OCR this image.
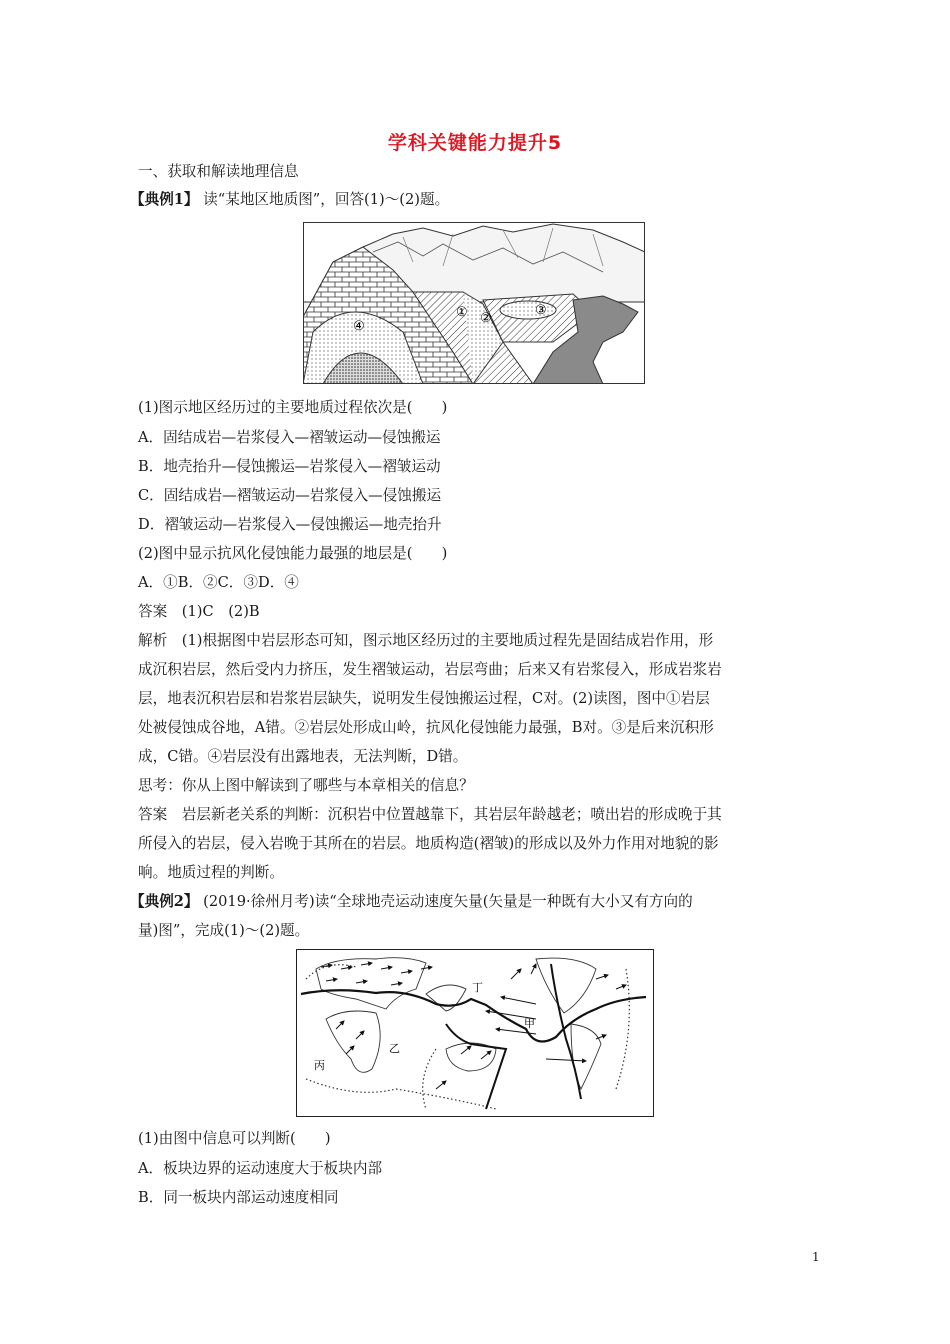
学科关键能力提升5
一、获取和解读地理信息
【典例1】 读“某地区地质图”，回答(1)～(2)题。
① ②
③
④
(1)图示地区经历过的主要地质过程依次是(　　)
A．固结成岩—岩浆侵入—褶皱运动—侵蚀搬运
B．地壳抬升—侵蚀搬运—岩浆侵入—褶皱运动
C．固结成岩—褶皱运动—岩浆侵入—侵蚀搬运
D．褶皱运动—岩浆侵入—侵蚀搬运—地壳抬升
(2)图中显示抗风化侵蚀能力最强的地层是(　　)
A．①B．②C．③D．④
答案　(1)C　(2)B
解析　(1)根据图中岩层形态可知，图示地区经历过的主要地质过程先是固结成岩作用，形
成沉积岩层，然后受内力挤压，发生褶皱运动，岩层弯曲；后来又有岩浆侵入，形成岩浆岩
层，地表沉积岩层和岩浆岩层缺失，说明发生侵蚀搬运过程，C对。(2)读图，图中①岩层
处被侵蚀成谷地，A错。②岩层处形成山岭，抗风化侵蚀能力最强，B对。③是后来沉积形
成，C错。④岩层没有出露地表，无法判断，D错。
思考：你从上图中解读到了哪些与本章相关的信息？
答案　岩层新老关系的判断：沉积岩中位置越靠下，其岩层年龄越老；喷出岩的形成晚于其
所侵入的岩层，侵入岩晚于其所在的岩层。地质构造(褶皱)的形成以及外力作用对地貌的影
响。地质过程的判断。
【典例2】 (2019·徐州月考)读“全球地壳运动速度矢量(矢量是一种既有大小又有方向的
量)图”，完成(1)～(2)题。
丁
甲
乙
丙
(1)由图中信息可以判断(　　)
A．板块边界的运动速度大于板块内部
B．同一板块内部运动速度相同
1
